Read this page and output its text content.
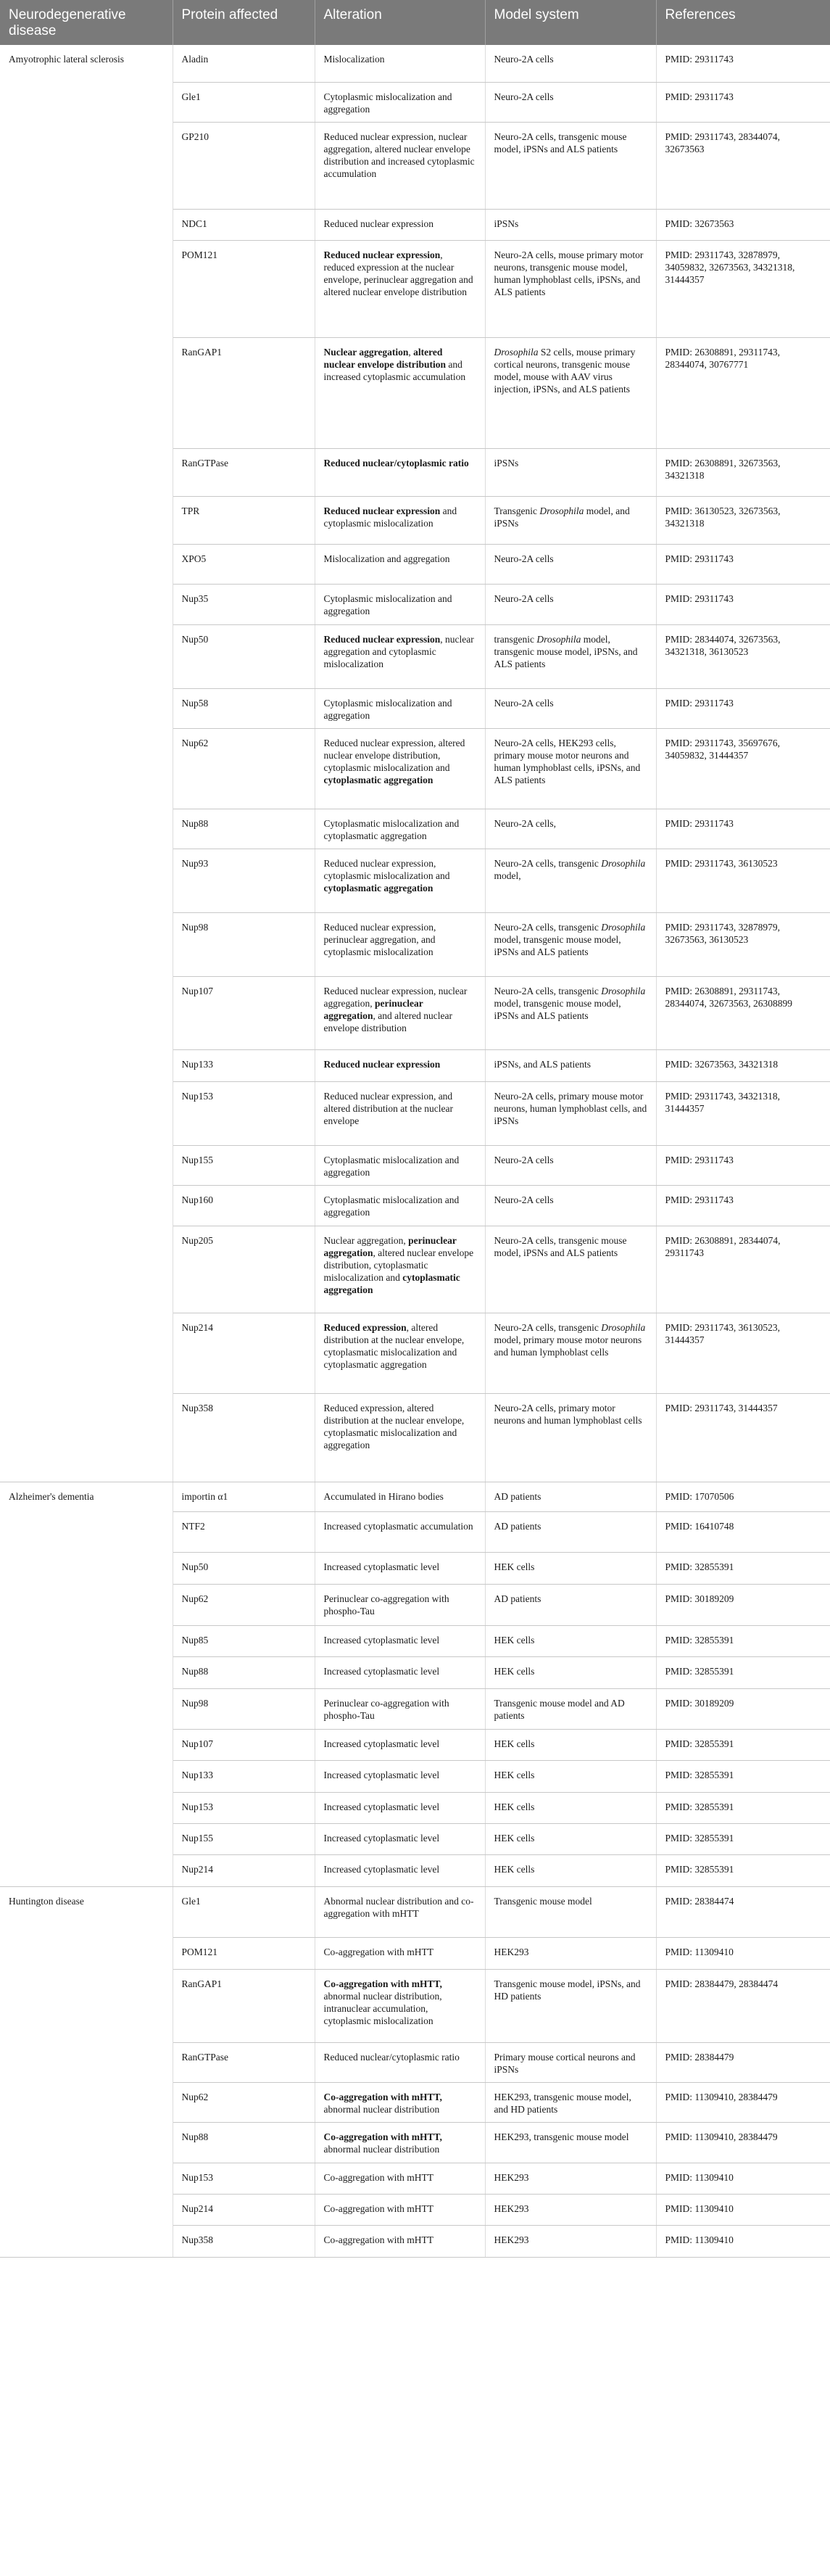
Neurodegenerative disease	Protein affected	Alteration	Model system	References
Amyotrophic lateral sclerosis	Aladin	Mislocalization	Neuro-2A cells	PMID: 29311743
	Gle1	Cytoplasmic mislocalization and aggregation	Neuro-2A cells	PMID: 29311743
	GP210	Reduced nuclear expression, nuclear aggregation, altered nuclear envelope distribution and increased cytoplasmic accumulation	Neuro-2A cells, transgenic mouse model, iPSNs and ALS patients	PMID: 29311743, 28344074, 32673563
	NDC1	Reduced nuclear expression	iPSNs	PMID: 32673563
	POM121	Reduced nuclear expression, reduced expression at the nuclear envelope, perinuclear aggregation and altered nuclear envelope distribution	Neuro-2A cells, mouse primary motor neurons, transgenic mouse model, human lymphoblast cells, iPSNs, and ALS patients	PMID: 29311743, 32878979, 34059832, 32673563, 34321318, 31444357
	RanGAP1	Nuclear aggregation, altered nuclear envelope distribution and increased cytoplasmic accumulation	Drosophila S2 cells, mouse primary cortical neurons, transgenic mouse model, mouse with AAV virus injection, iPSNs, and ALS patients	PMID: 26308891, 29311743, 28344074, 30767771
	RanGTPase	Reduced nuclear/cytoplasmic ratio	iPSNs	PMID: 26308891, 32673563, 34321318
	TPR	Reduced nuclear expression and cytoplasmic mislocalization	Transgenic Drosophila model, and iPSNs	PMID: 36130523, 32673563, 34321318
	XPO5	Mislocalization and aggregation	Neuro-2A cells	PMID: 29311743
	Nup35	Cytoplasmic mislocalization and aggregation	Neuro-2A cells	PMID: 29311743
	Nup50	Reduced nuclear expression, nuclear aggregation and cytoplasmic mislocalization	transgenic Drosophila model, transgenic mouse model, iPSNs, and ALS patients	PMID: 28344074, 32673563, 34321318, 36130523
	Nup58	Cytoplasmic mislocalization and aggregation	Neuro-2A cells	PMID: 29311743
	Nup62	Reduced nuclear expression, altered nuclear envelope distribution, cytoplasmic mislocalization and cytoplasmatic aggregation	Neuro-2A cells, HEK293 cells, primary mouse motor neurons and human lymphoblast cells, iPSNs, and ALS patients	PMID: 29311743, 35697676, 34059832, 31444357
	Nup88	Cytoplasmatic mislocalization and cytoplasmatic aggregation	Neuro-2A cells,	PMID: 29311743
	Nup93	Reduced nuclear expression, cytoplasmic mislocalization and cytoplasmatic aggregation	Neuro-2A cells, transgenic Drosophila model,	PMID: 29311743, 36130523
	Nup98	Reduced nuclear expression, perinuclear aggregation, and cytoplasmic mislocalization	Neuro-2A cells, transgenic Drosophila model, transgenic mouse model, iPSNs and ALS patients	PMID: 29311743, 32878979, 32673563, 36130523
	Nup107	Reduced nuclear expression, nuclear aggregation, perinuclear aggregation, and altered nuclear envelope distribution	Neuro-2A cells, transgenic Drosophila model, transgenic mouse model, iPSNs and ALS patients	PMID: 26308891, 29311743, 28344074, 32673563, 26308899
	Nup133	Reduced nuclear expression	iPSNs, and ALS patients	PMID: 32673563, 34321318
	Nup153	Reduced nuclear expression, and altered distribution at the nuclear envelope	Neuro-2A cells, primary mouse motor neurons, human lymphoblast cells, and iPSNs	PMID: 29311743, 34321318, 31444357
	Nup155	Cytoplasmatic mislocalization and aggregation	Neuro-2A cells	PMID: 29311743
	Nup160	Cytoplasmatic mislocalization and aggregation	Neuro-2A cells	PMID: 29311743
	Nup205	Nuclear aggregation, perinuclear aggregation, altered nuclear envelope distribution, cytoplasmatic mislocalization and cytoplasmatic aggregation	Neuro-2A cells, transgenic mouse model, iPSNs and ALS patients	PMID: 26308891, 28344074, 29311743
	Nup214	Reduced expression, altered distribution at the nuclear envelope, cytoplasmatic mislocalization and cytoplasmatic aggregation	Neuro-2A cells, transgenic Drosophila model, primary mouse motor neurons and human lymphoblast cells	PMID: 29311743, 36130523, 31444357
	Nup358	Reduced expression, altered distribution at the nuclear envelope, cytoplasmatic mislocalization and aggregation	Neuro-2A cells, primary motor neurons and human lymphoblast cells	PMID: 29311743, 31444357
Alzheimer's dementia	importin α1	Accumulated in Hirano bodies	AD patients	PMID: 17070506
	NTF2	Increased cytoplasmatic accumulation	AD patients	PMID: 16410748
	Nup50	Increased cytoplasmatic level	HEK cells	PMID: 32855391
	Nup62	Perinuclear co-aggregation with phospho-Tau	AD patients	PMID: 30189209
	Nup85	Increased cytoplasmatic level	HEK cells	PMID: 32855391
	Nup88	Increased cytoplasmatic level	HEK cells	PMID: 32855391
	Nup98	Perinuclear co-aggregation with phospho-Tau	Transgenic mouse model and AD patients	PMID: 30189209
	Nup107	Increased cytoplasmatic level	HEK cells	PMID: 32855391
	Nup133	Increased cytoplasmatic level	HEK cells	PMID: 32855391
	Nup153	Increased cytoplasmatic level	HEK cells	PMID: 32855391
	Nup155	Increased cytoplasmatic level	HEK cells	PMID: 32855391
	Nup214	Increased cytoplasmatic level	HEK cells	PMID: 32855391
Huntington disease	Gle1	Abnormal nuclear distribution and co-aggregation with mHTT	Transgenic mouse model	PMID: 28384474
	POM121	Co-aggregation with mHTT	HEK293	PMID: 11309410
	RanGAP1	Co-aggregation with mHTT, abnormal nuclear distribution, intranuclear accumulation, cytoplasmic mislocalization	Transgenic mouse model, iPSNs, and HD patients	PMID: 28384479, 28384474
	RanGTPase	Reduced nuclear/cytoplasmic ratio	Primary mouse cortical neurons and iPSNs	PMID: 28384479
	Nup62	Co-aggregation with mHTT, abnormal nuclear distribution	HEK293, transgenic mouse model, and HD patients	PMID: 11309410, 28384479
	Nup88	Co-aggregation with mHTT, abnormal nuclear distribution	HEK293, transgenic mouse model	PMID: 11309410, 28384479
	Nup153	Co-aggregation with mHTT	HEK293	PMID: 11309410
	Nup214	Co-aggregation with mHTT	HEK293	PMID: 11309410
	Nup358	Co-aggregation with mHTT	HEK293	PMID: 11309410
